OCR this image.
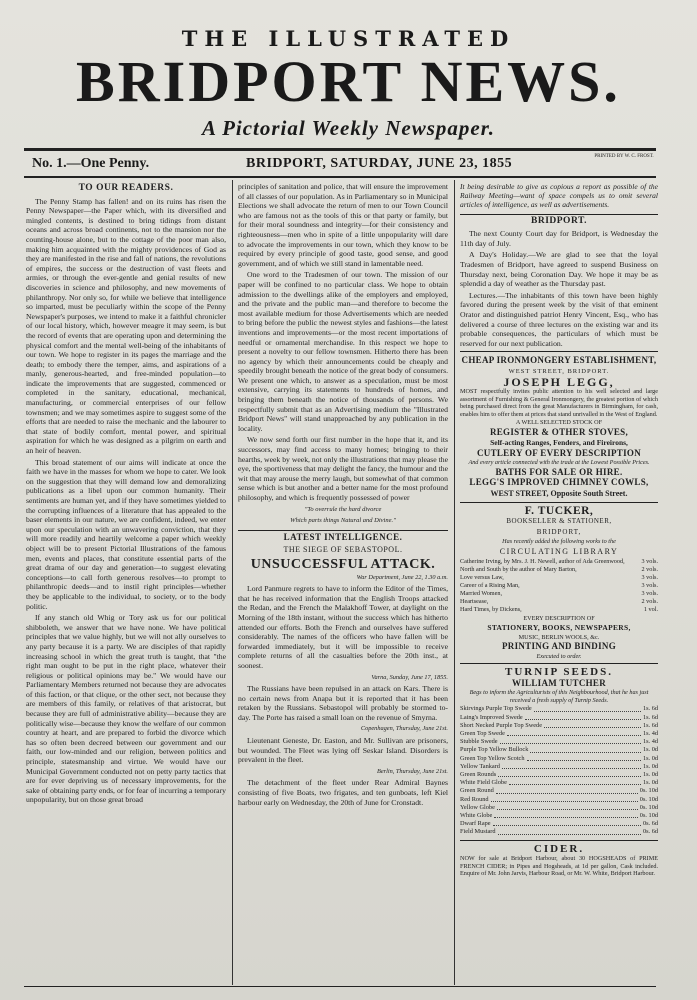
THE ILLUSTRATED
BRIDPORT NEWS.
A Pictorial Weekly Newspaper.
No. 1.—One Penny.	BRIDPORT, SATURDAY, JUNE 23, 1855	PRINTED BY W. C. FROST.
TO OUR READERS.

The Penny Stamp has fallen! and on its ruins has risen the Penny Newspaper—the Paper which, with its diversified and mingled contents, is destined to bring tidings from distant oceans and across broad continents, not to the mansion nor the counting-house alone, but to the cottage of the poor man also, making him acquainted with the mighty providences of God as they are manifested in the rise and fall of nations, the revolutions of empires, the success or the destruction of vast fleets and armies, or through the ever-gentle and genial results of new discoveries in science and philosophy, and new movements of philanthropy. Nor only so, for while we believe that intelligence so imparted, must be peculiarly within the scope of the Penny Newspaper's purposes, we intend to make it a faithful chronicler of our local history, which, however meagre it may seem, is but the record of events that are operating upon and determining the physical comfort and the mental well-being of the inhabitants of our town. We hope to register in its pages the marriage and the death; to embody there the temper, aims, and aspirations of a manly, generous-hearted, and free-minded population—to indicate the improvements that are suggested, commenced or completed in the sanitary, educational, mechanical, manufacturing, or commercial enterprises of our fellow townsmen; and we may sometimes aspire to suggest some of the efforts that are needed to raise the mechanic and the labourer to that state of bodily comfort, mental power, and spiritual aspiration for which he was designed as a pilgrim on earth and an heir of heaven.

This broad statement of our aims will indicate at once the faith we have in the masses for whom we hope to cater. We look on the suggestion that they will demand low and demoralizing publications as a libel upon our common humanity. Their sentiments are human yet, and if they have sometimes yielded to the corrupting influences of a literature that has appealed to the baser elements in our nature, we are confident, indeed, we enter upon our speculation with an unwavering conviction, that they will more readily and heartily welcome a paper which weekly object will be to present Pictorial Illustrations of the famous men, events and places, that constitute essential parts of the great drama of our day and generation—to suggest elevating conceptions—to call forth generous resolves—to prompt to philanthropic deeds—and to instil right principles—whether they be applicable to the individual, to society, or to the body politic.

If any stanch old Whig or Tory ask us for our political shibboleth, we answer that we have none. We have political principles that we value highly, but we will not ally ourselves to any party because it is a party. We are disciples of that rapidly increasing school in which the great truth is taught, that "the right man ought to be put in the right place, whatever their religious or political opinions may be." We would have our Parliamentary Members returned not because they are advocates of this faction, or that clique, or the other sect, not because they are members of this family, or relatives of that aristocrat, but because they are full of administrative ability—because they are politically wise—because they know the welfare of our common country at heart, and are prepared to forbid the divorce which has so often been decreed between our government and our faith, our low-minded and our religion, between politics and principle, statesmanship and virtue. We would have our Municipal Government conducted not on petty party tactics that are for ever depriving us of necessary improvements, for the sake of obtaining party ends, or for fear of incurring a temporary unpopularity, but on those great broad

principles of sanitation and police, that will ensure the improvement of all classes of our population. As in Parliamentary so in Municipal Elections we shall advocate the return of men to our Town Council who are famous not as the tools of this or that party or family, but for their moral soundness and integrity—for their consistency and righteousness—men who in spite of a little unpopularity will dare to advocate the improvements in our town, which they know to be required by every principle of good taste, good sense, and good government, and of which we still stand in lamentable need.

One word to the Tradesmen of our town. The mission of our paper will be confined to no particular class. We hope to obtain admission to the dwellings alike of the employers and employed, and the private and the public man—and therefore to become the most available medium for those Advertisements which are needed to bring before the public the newest styles and fashions—the latest inventions and improvements—or the most recent importations of needful or ornamental merchandise. In this respect we hope to present a novelty to our fellow townsmen. Hitherto there has been no agency by which their announcements could be cheaply and speedily brought beneath the notice of the great body of consumers. We present one which, to answer as a speculation, must be most extensive, carrying its statements to hundreds of homes, and bringing them beneath the notice of thousands of persons. We respectfully submit that as an Advertising medium the "Illustrated Bridport News" will stand unapproached by any publication in the locality.

We now send forth our first number in the hope that it, and its successors, may find access to many homes; bringing to their hearths, week by week, not only the illustrations that may please the eye, the sportiveness that may delight the fancy, the humour and the wit that may arouse the merry laugh, but somewhat of that common sense which is but another and a better name for the most profound philosophy, and which is frequently possessed of power

"To overrule the hard divorce
Which parts things Natural and Divine."
LATEST INTELLIGENCE.
THE SIEGE OF SEBASTOPOL.
UNSUCCESSFUL ATTACK.

War Department, June 22, 1.30 a.m.

Lord Panmure regrets to have to inform the Editor of the Times, that he has received information that the English Troops attacked the Redan, and the French the Malakhoff Tower, at daylight on the Morning of the 18th instant, without the success which has hitherto attended our efforts. Both the French and ourselves have suffered considerably. The names of the officers who have fallen will be forwarded immediately, but it will be impossible to receive complete returns of all the casualties before the 20th inst., at soonest.

Varna, Sunday, June 17, 1855.

The Russians have been repulsed in an attack on Kars. There is no certain news from Anapa but it is reported that it has been retaken by the Russians. Sebastopol will probably be stormed to-day. The Porte has raised a small loan on the revenue of Smyrna.

Copenhagen, Thursday, June 21st.

Lieutenant Geneste, Dr. Easton, and Mr. Sullivan are prisoners, but wounded. The Fleet was lying off Seskar Island. Disorders is prevalent in the fleet.

Berlin, Thursday, June 21st.

The detachment of the fleet under Rear Admiral Baynes consisting of five Boats, two frigates, and ten gunboats, left Kiel harbour early on Wednesday, the 20th of June for Cronstadt.

It being desirable to give as copious a report as possible of the Railway Meeting—want of space compels us to omit several articles of intelligence, as well as advertisements.
BRIDPORT.

The next County Court day for Bridport, is Wednesday the 11th day of July.

A Day's Holiday.—We are glad to see that the loyal Tradesmen of Bridport, have agreed to suspend Business on Thursday next, being Coronation Day. We hope it may be as splendid a day of weather as the Thursday past.

Lectures.—The inhabitants of this town have been highly favored during the present week by the visit of that eminent Orator and distinguished patriot Henry Vincent, Esq., who has delivered a course of three lectures on the existing war and its probable consequences, the particulars of which must be reserved for our next publication.

CHEAP IRONMONGERY ESTABLISHMENT,
WEST STREET, BRIDPORT.
JOSEPH LEGG,
MOST respectfully invites public attention to his well selected and large assortment of Furnishing & General Ironmongery, the greatest portion of which being purchased direct from the great Manufacturers in Birmingham, for cash, enables him to offer them at prices that stand unrivalled in the West of England.
A WELL SELECTED STOCK OF
REGISTER & OTHER STOVES,
Self-acting Ranges, Fenders, and Fireirons,
CUTLERY OF EVERY DESCRIPTION
And every article connected with the trade at the Lowest Possible Prices.
BATHS FOR SALE OR HIRE.
LEGG'S IMPROVED CHIMNEY COWLS,
WEST STREET, Opposite South Street.
F. TUCKER,
BOOKSELLER & STATIONER,
BRIDPORT,
Has recently added the following works to the
CIRCULATING LIBRARY
Catherine Irving, by Mrs. J. H. Newell, author of Ada Greenwood,	3 vols.
North and South by the author of Mary Barton,	2 vols.
Love versus Law,	3 vols.
Career of a Rising Man,	3 vols.
Married Women,	3 vols.
Heartsease,	2 vols.
Hard Times, by Dickens,	1 vol.
EVERY DESCRIPTION OF
STATIONERY, BOOKS, NEWSPAPERS,
MUSIC, BERLIN WOOLS, &c.
PRINTING AND BINDING
Executed to order.
TURNIP SEEDS.
WILLIAM TUTCHER
Begs to inform the Agriculturists of this Neighbourhood, that he has just received a fresh supply of Turnip Seeds.
Skirvings Purple Top Swede	1s. 6d
Laing's Improved Swede	1s. 6d
Short Necked Purple Top Swede	1s. 6d
Green Top Swede	1s. 4d
Stubble Swede	1s. 4d
Purple Top Yellow Bullock	1s. 0d
Green Top Yellow Scotch	1s. 0d
Yellow Tankard	1s. 0d
Green Rounds	1s. 0d
White Field Globe	1s. 0d
Green Round	0s. 10d
Red Round	0s. 10d
Yellow Globe	0s. 10d
White Globe	0s. 10d
Dwarf Rape	0s. 6d
Field Mustard	0s. 6d
CIDER.
NOW for sale at Bridport Harbour, about 30 HOGSHEADS of PRIME FRENCH CIDER; in Pipes and Hogsheads, at 1d per gallon, Cask included. Enquire of Mr. John Jarvis, Harbour Road, or Mr. W. White, Bridport Harbour.
